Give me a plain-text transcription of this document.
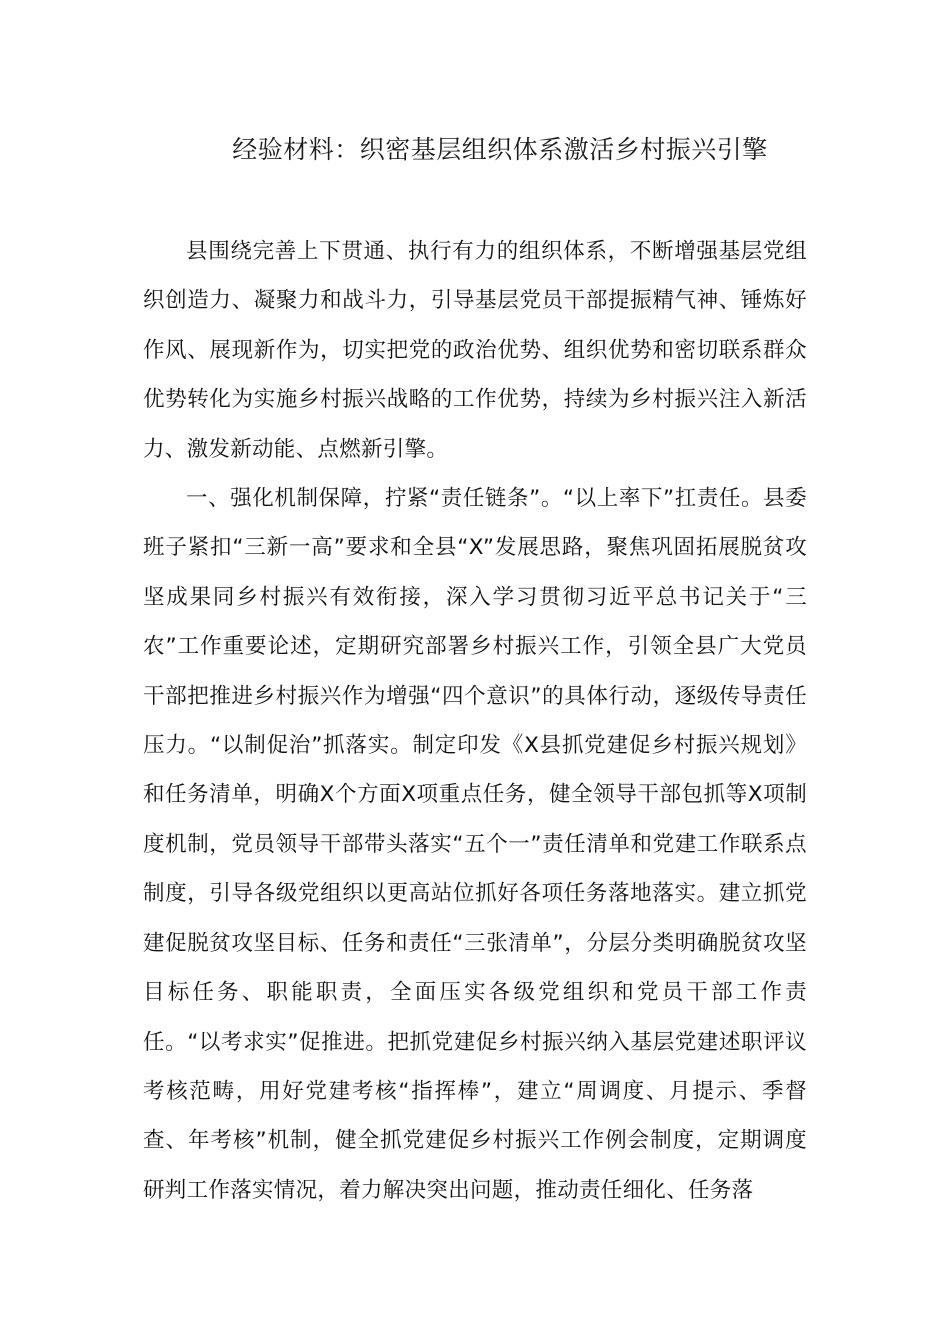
经验材料：织密基层组织体系激活乡村振兴引擎

县围绕完善上下贯通、执行有力的组织体系，不断增强基层党组织创造力、凝聚力和战斗力，引导基层党员干部提振精气神、锤炼好作风、展现新作为，切实把党的政治优势、组织优势和密切联系群众优势转化为实施乡村振兴战略的工作优势，持续为乡村振兴注入新活力、激发新动能、点燃新引擎。

一、强化机制保障，拧紧“责任链条”。“以上率下”扛责任。县委班子紧扣“三新一高”要求和全县“X”发展思路，聚焦巩固拓展脱贫攻坚成果同乡村振兴有效衔接，深入学习贯彻习近平总书记关于“三农”工作重要论述，定期研究部署乡村振兴工作，引领全县广大党员干部把推进乡村振兴作为增强“四个意识”的具体行动，逐级传导责任压力。“以制促治”抓落实。制定印发《X县抓党建促乡村振兴规划》和任务清单，明确X个方面X项重点任务，健全领导干部包抓等X项制度机制，党员领导干部带头落实“五个一”责任清单和党建工作联系点制度，引导各级党组织以更高站位抓好各项任务落地落实。建立抓党建促脱贫攻坚目标、任务和责任“三张清单”，分层分类明确脱贫攻坚目标任务、职能职责，全面压实各级党组织和党员干部工作责任。“以考求实”促推进。把抓党建促乡村振兴纳入基层党建述职评议考核范畴，用好党建考核“指挥棒”，建立“周调度、月提示、季督查、年考核”机制，健全抓党建促乡村振兴工作例会制度，定期调度研判工作落实情况，着力解决突出问题，推动责任细化、任务落
